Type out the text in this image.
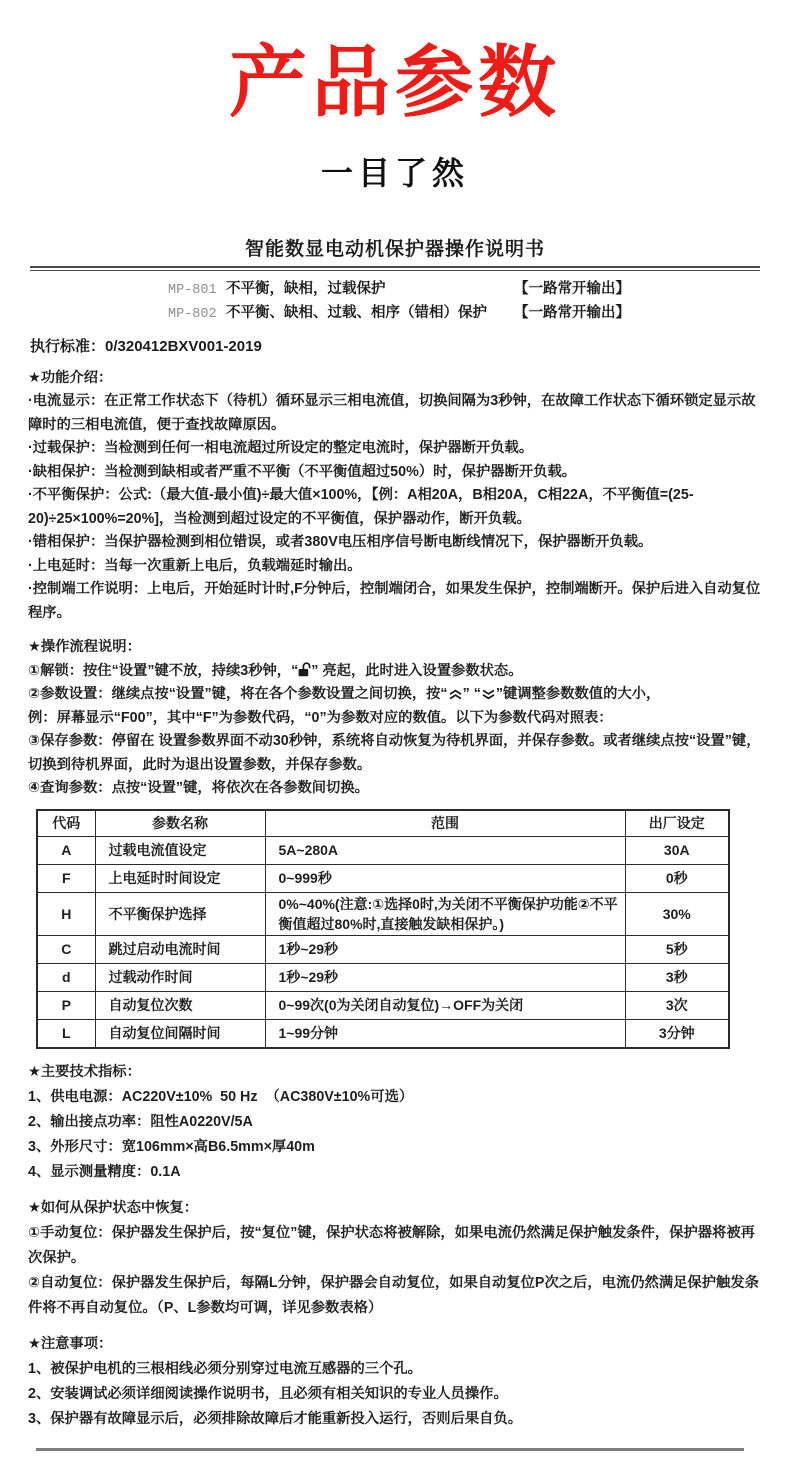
产品参数
一目了然
智能数显电动机保护器操作说明书
MP-801 不平衡，缺相，过载保护	【一路常开输出】
MP-802 不平衡、缺相、过载、相序（错相）保护	【一路常开输出】
执行标准：0/320412BXV001-2019

★功能介绍：

·电流显示：在正常工作状态下（待机）循环显示三相电流值，切换间隔为3秒钟，在故障工作状态下循环锁定显示故障时的三相电流值，便于查找故障原因。

·过载保护：当检测到任何一相电流超过所设定的整定电流时，保护器断开负载。

·缺相保护：当检测到缺相或者严重不平衡（不平衡值超过50%）时，保护器断开负载。

·不平衡保护：公式:（最大值-最小值)÷最大值×100%，【例：A相20A，B相20A，C相22A，不平衡值=(25-20)÷25×100%=20%]，当检测到超过设定的不平衡值，保护器动作，断开负载。

·错相保护：当保护器检测到相位错误，或者380V电压相序信号断电断线情况下，保护器断开负载。

·上电延时：当每一次重新上电后，负载端延时输出。

·控制端工作说明：上电后，开始延时计时,F分钟后，控制端闭合，如果发生保护，控制端断开。保护后进入自动复位程序。

★操作流程说明：

①解锁：按住“设置”键不放，持续3秒钟，“ ” 亮起，此时进入设置参数状态。

②参数设置：继续点按“设置”键，将在各个参数设置之间切换，按“ ” “ ”键调整参数数值的大小，

例：屏幕显示“F00”，其中“F”为参数代码，“0”为参数对应的数值。以下为参数代码对照表：

③保存参数：停留在 设置参数界面不动30秒钟，系统将自动恢复为待机界面，并保存参数。或者继续点按“设置”键，切换到待机界面，此时为退出设置参数，并保存参数。

④查询参数：点按“设置”键，将依次在各参数间切换。

代码	参数名称	范围	出厂设定
A	过载电流值设定	5A~280A	30A
F	上电延时时间设定	0~999秒	0秒
H	不平衡保护选择	0%~40%(注意:①选择0时,为关闭不平衡保护功能②不平衡值超过80%时,直接触发缺相保护。)	30%
C	跳过启动电流时间	1秒~29秒	5秒
d	过载动作时间	1秒~29秒	3秒
P	自动复位次数	0~99次(0为关闭自动复位)→OFF为关闭	3次
L	自动复位间隔时间	1~99分钟	3分钟

★主要技术指标：

1、供电电源：AC220V±10%  50 Hz  （AC380V±10%可选）

2、输出接点功率：阻性A0220V/5A

3、外形尺寸：宽106mm×高B6.5mm×厚40m

4、显示测量精度：0.1A

★如何从保护状态中恢复：

①手动复位：保护器发生保护后，按“复位”键，保护状态将被解除，如果电流仍然满足保护触发条件，保护器将被再次保护。

②自动复位：保护器发生保护后，每隔L分钟，保护器会自动复位，如果自动复位P次之后，电流仍然满足保护触发条件将不再自动复位。（P、L参数均可调，详见参数表格）

★注意事项：

1、被保护电机的三根相线必须分别穿过电流互感器的三个孔。

2、安装调试必须详细阅读操作说明书，且必须有相关知识的专业人员操作。

3、保护器有故障显示后，必须排除故障后才能重新投入运行，否则后果自负。
